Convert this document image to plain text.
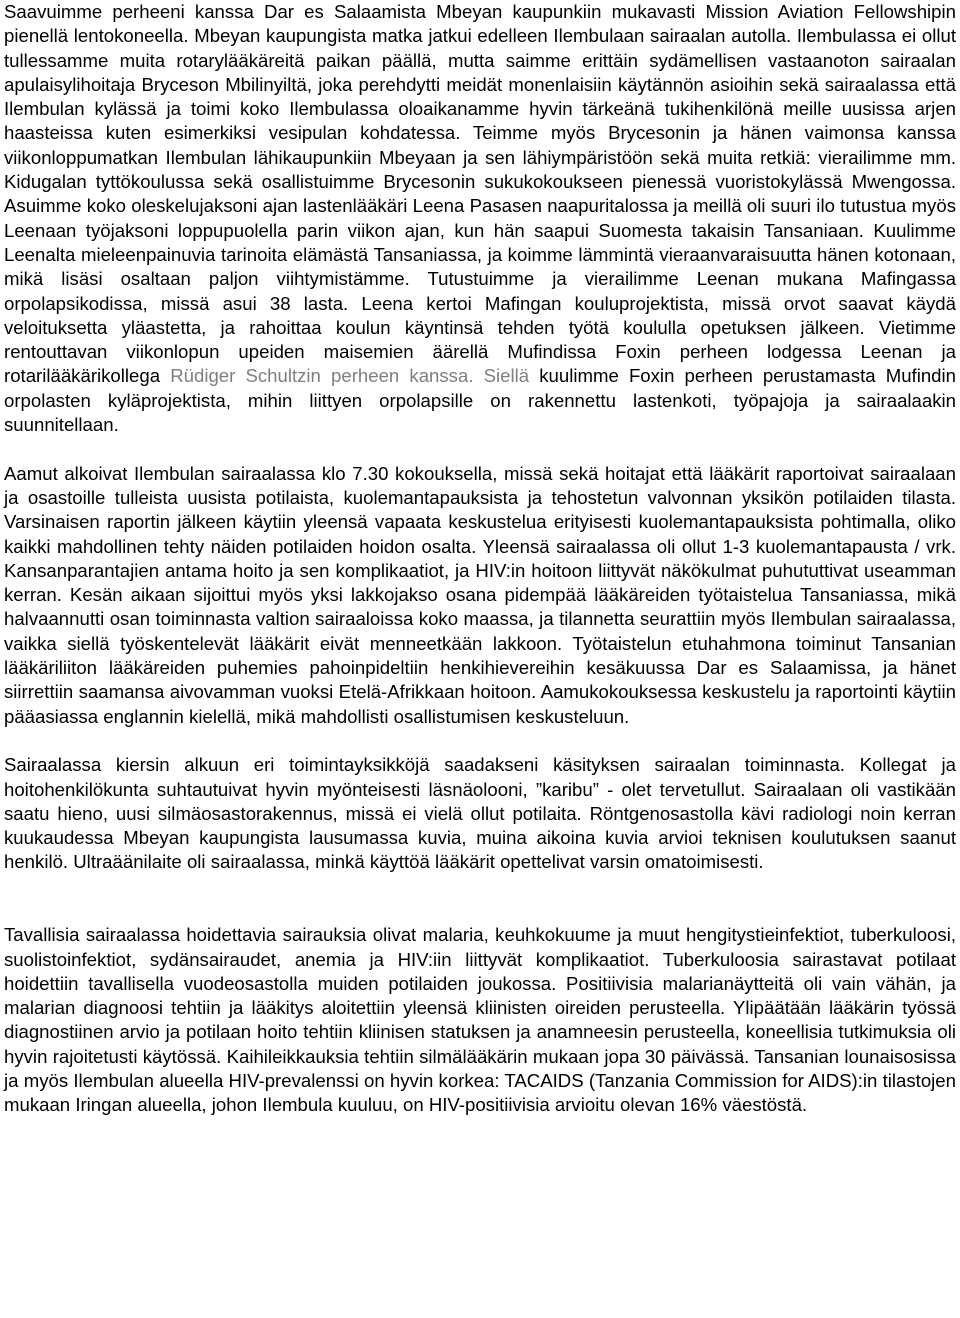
Saavuimme perheeni kanssa Dar es Salaamista Mbeyan kaupunkiin mukavasti Mission Aviation Fellowshipin pienellä lentokoneella. Mbeyan kaupungista matka jatkui edelleen Ilembulaan sairaalan autolla. Ilembulassa ei ollut tullessamme muita rotarylääkäreitä paikan päällä, mutta saimme erittäin sydämellisen vastaanoton sairaalan apulaisylihoitaja Bryceson Mbilinyiltä, joka perehdytti meidät monenlaisiin käytännön asioihin sekä sairaalassa että Ilembulan kylässä ja toimi koko Ilembulassa oloaikanamme hyvin tärkeänä tukihenkilönä meille uusissa arjen haasteissa kuten esimerkiksi vesipulan kohdatessa. Teimme myös Brycesonin ja hänen vaimonsa kanssa viikonloppumatkan Ilembulan lähikaupunkiin Mbeyaan ja sen lähiympäristöön sekä muita retkiä: vierailimme mm. Kidugalan tyttökoulussa sekä osallistuimme Brycesonin sukukokoukseen pienessä vuoristokylässä Mwengossa. Asuimme koko oleskelujaksoni ajan lastenlääkäri Leena Pasasen naapuritalossa ja meillä oli suuri ilo tutustua myös Leenaan työjaksoni loppupuolella parin viikon ajan, kun hän saapui Suomesta takaisin Tansaniaan. Kuulimme Leenalta mieleenpainuvia tarinoita elämästä Tansaniassa, ja koimme lämmintä vieraanvaraisuutta hänen kotonaan, mikä lisäsi osaltaan paljon viihtymistämme. Tutustuimme ja vierailimme Leenan mukana Mafingassa orpolapsikodissa, missä asui 38 lasta. Leena kertoi Mafingan kouluprojektista, missä orvot saavat käydä veloituksetta yläastetta, ja rahoittaa koulun käyntinsä tehden työtä koululla opetuksen jälkeen. Vietimme rentouttavan viikonlopun upeiden maisemien äärellä Mufindissa Foxin perheen lodgessa Leenan ja rotarilääkärikollega Rüdiger Schultzin perheen kanssa. Siellä kuulimme Foxin perheen perustamasta Mufindin orpolasten kyläprojektista, mihin liittyen orpolapsille on rakennettu lastenkoti, työpajoja ja sairaalaakin suunnitellaan.

Aamut alkoivat Ilembulan sairaalassa klo 7.30 kokouksella, missä sekä hoitajat että lääkärit raportoivat sairaalaan ja osastoille tulleista uusista potilaista, kuolemantapauksista ja tehostetun valvonnan yksikön potilaiden tilasta. Varsinaisen raportin jälkeen käytiin yleensä vapaata keskustelua erityisesti kuolemantapauksista pohtimalla, oliko kaikki mahdollinen tehty näiden potilaiden hoidon osalta. Yleensä sairaalassa oli ollut 1-3 kuolemantapausta / vrk. Kansanparantajien antama hoito ja sen komplikaatiot, ja HIV:in hoitoon liittyvät näkökulmat puhututtivat useamman kerran. Kesän aikaan sijoittui myös yksi lakkojakso osana pidempää lääkäreiden työtaistelua Tansaniassa, mikä halvaannutti osan toiminnasta valtion sairaaloissa koko maassa, ja tilannetta seurattiin myös Ilembulan sairaalassa, vaikka siellä työskentelevät lääkärit eivät menneetkään lakkoon. Työtaistelun etuhahmona toiminut Tansanian lääkäriliiton lääkäreiden puhemies pahoinpideltiin henkihievereihin kesäkuussa Dar es Salaamissa, ja hänet siirrettiin saamansa aivovamman vuoksi Etelä-Afrikkaan hoitoon. Aamukokouksessa keskustelu ja raportointi käytiin pääasiassa englannin kielellä, mikä mahdollisti osallistumisen keskusteluun.

Sairaalassa kiersin alkuun eri toimintayksikköjä saadakseni käsityksen sairaalan toiminnasta. Kollegat ja hoitohenkilökunta suhtautuivat hyvin myönteisesti läsnäolooni, ”karibu” - olet tervetullut. Sairaalaan oli vastikään saatu hieno, uusi silmäosastorakennus, missä ei vielä ollut potilaita. Röntgenosastolla kävi radiologi noin kerran kuukaudessa Mbeyan kaupungista lausumassa kuvia, muina aikoina kuvia arvioi teknisen koulutuksen saanut henkilö. Ultraäänilaite oli sairaalassa, minkä käyttöä lääkärit opettelivat varsin omatoimisesti.

Tavallisia sairaalassa hoidettavia sairauksia olivat malaria, keuhkokuume ja muut hengitystieinfektiot, tuberkuloosi, suolistoinfektiot, sydänsairaudet, anemia ja HIV:iin liittyvät komplikaatiot. Tuberkuloosia sairastavat potilaat hoidettiin tavallisella vuodeosastolla muiden potilaiden joukossa. Positiivisia malarianäytteitä oli vain vähän, ja malarian diagnoosi tehtiin ja lääkitys aloitettiin yleensä kliinisten oireiden perusteella. Ylipäätään lääkärin työssä diagnostiinen arvio ja potilaan hoito tehtiin kliinisen statuksen ja anamneesin perusteella, koneellisia tutkimuksia oli hyvin rajoitetusti käytössä. Kaihileikkauksia tehtiin silmälääkärin mukaan jopa 30 päivässä. Tansanian lounaisosissa ja myös Ilembulan alueella HIV-prevalenssi on hyvin korkea: TACAIDS (Tanzania Commission for AIDS):in tilastojen mukaan Iringan alueella, johon Ilembula kuuluu, on HIV-positiivisia arvioitu olevan 16% väestöstä.
